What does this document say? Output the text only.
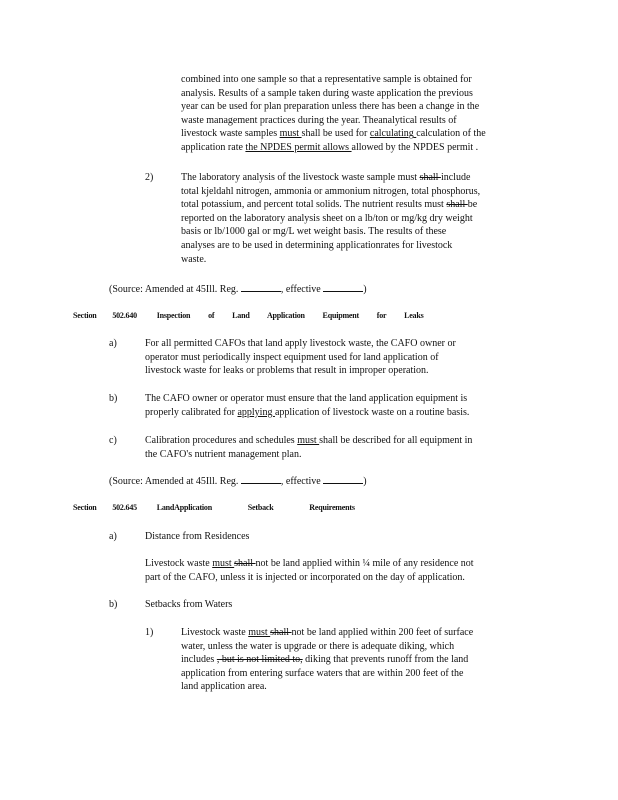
combined into one sample so that a representative sample is obtained for
analysis. Results of a sample taken during waste application the previous
year can be used for plan preparation unless there has been a change in the
waste management practices during the year. Theanalytical results of
livestock waste samples must shall be used for calculating calculation of the
application rate the NPDES permit allows allowed by the NPDES permit .
2)	The laboratory analysis of the livestock waste sample must shall include
total kjeldahl nitrogen, ammonia or ammonium nitrogen, total phosphorus,
total potassium, and percent total solids. The nutrient results must shall be
reported on the laboratory analysis sheet on a lb/ton or mg/kg dry weight
basis or lb/1000 gal or mg/L wet weight basis. The results of these
analyses are to be used in determining applicationrates for livestock
waste.
(Source: Amended at 45Ill. Reg.	, effective	)
Section 502.640 Inspection of Land Application Equipment for Leaks
a)	For all permitted CAFOs that land apply livestock waste, the CAFO owner or
operator must periodically inspect equipment used for land application of
livestock waste for leaks or problems that result in improper operation.
b)	The CAFO owner or operator must ensure that the land application equipment is
properly calibrated for applying application of livestock waste on a routine basis.
c)	Calibration procedures and schedules must shall be described for all equipment in
the CAFO's nutrient management plan.
(Source: Amended at 45Ill. Reg.	, effective	)
Section 502.645 LandApplication Setback Requirements
a)	Distance from Residences
Livestock waste must shall not be land applied within ¼ mile of any residence not
part of the CAFO, unless it is injected or incorporated on the day of application.
b)	Setbacks from Waters
1)	Livestock waste must shall not be land applied within 200 feet of surface
water, unless the water is upgrade or there is adequate diking, which
includes , but is not limited to, diking that prevents runoff from the land
application from entering surface waters that are within 200 feet of the
land application area.
